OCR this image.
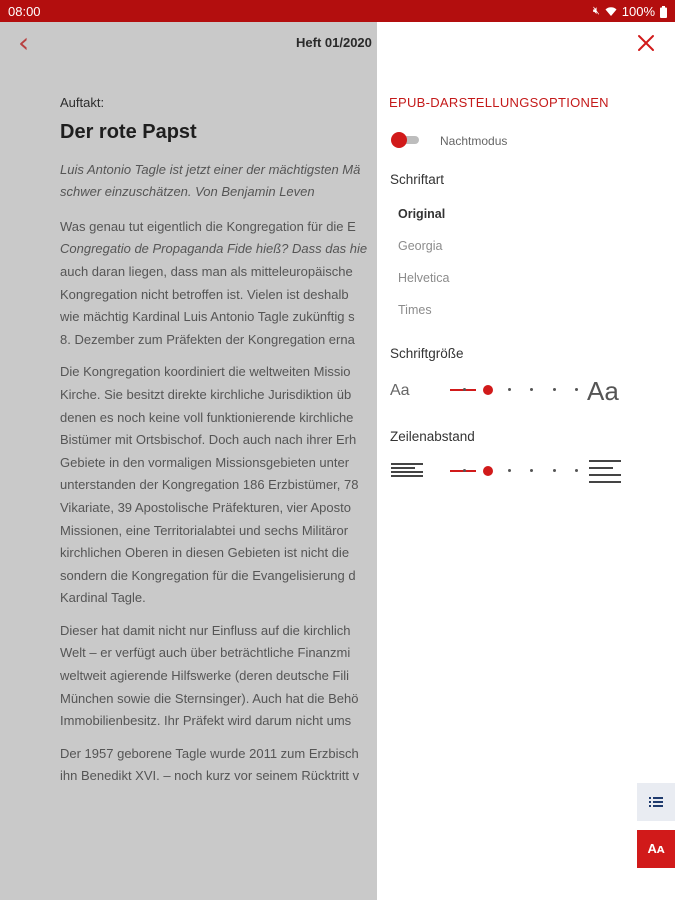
08:00	🔇︎ 100%
‹	Heft 01/2020
Auftakt:
Der rote Papst
Luis Antonio Tagle ist jetzt einer der mächtigsten Mä
schwer einzuschätzen. Von Benjamin Leven
Was genau tut eigentlich die Kongregation für die E
Congregatio de Propaganda Fide hieß? Dass das hie
auch daran liegen, dass man als mitteleuropäische
Kongregation nicht betroffen ist. Vielen ist deshalb
wie mächtig Kardinal Luis Antonio Tagle zukünftig s
8. Dezember zum Präfekten der Kongregation erna
Die Kongregation koordiniert die weltweiten Missio
Kirche. Sie besitzt direkte kirchliche Jurisdiktion üb
denen es noch keine voll funktionierende kirchliche
Bistümer mit Ortsbischof. Doch auch nach ihrer Erh
Gebiete in den vormaligen Missionsgebieten unter
unterstanden der Kongregation 186 Erzbistümer, 78
Vikariate, 39 Apostolische Präfekturen, vier Aposto
Missionen, eine Territorialabtei und sechs Militäror
kirchlichen Oberen in diesen Gebieten ist nicht die
sondern die Kongregation für die Evangelisierung d
Kardinal Tagle.
Dieser hat damit nicht nur Einfluss auf die kirchlich
Welt – er verfügt auch über beträchtliche Finanzmi
weltweit agierende Hilfswerke (deren deutsche Fili
München sowie die Sternsinger). Auch hat die Behö
Immobilienbesitz. Ihr Präfekt wird darum nicht ums
Der 1957 geborene Tagle wurde 2011 zum Erzbisch
ihn Benedikt XVI. – noch kurz vor seinem Rücktritt v
EPUB-DARSTELLUNGSOPTIONEN
Nachtmodus
Schriftart
Original
Georgia
Helvetica
Times
Schriftgröße
Aa	Aa
Zeilenabstand
Aᴀ
